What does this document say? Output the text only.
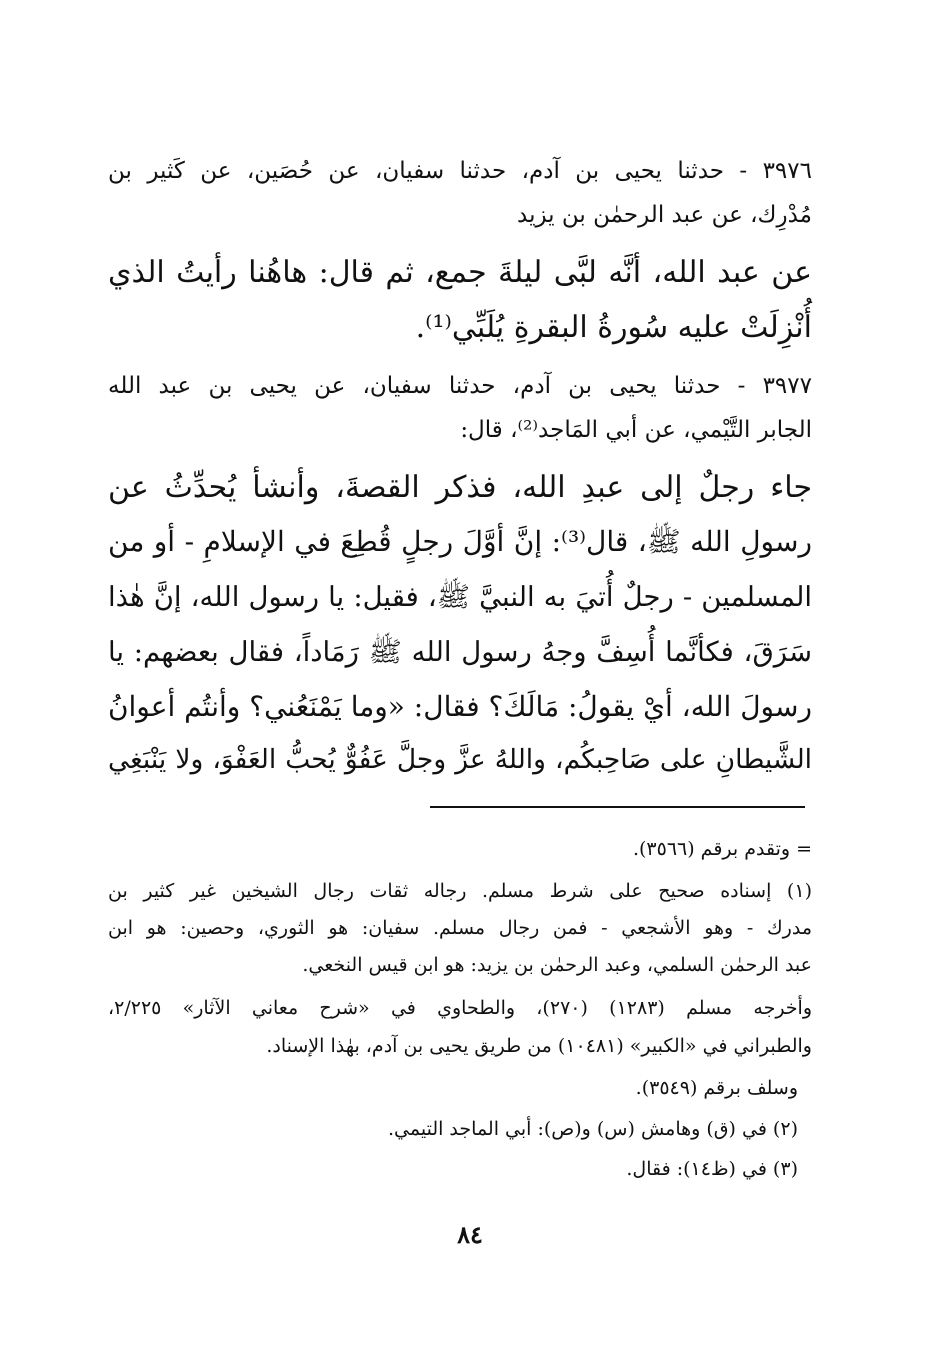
٣٩٧٦ - حدثنا يحيى بن آدم، حدثنا سفيان، عن حُصَين، عن كَثير بن
مُدْرِك، عن عبد الرحمٰن بن يزيد
عن عبد الله، أنَّه لبَّى ليلةَ جمع، ثم قال: هاهُنا رأيتُ الذي
أُنْزِلَتْ عليه سُورةُ البقرةِ يُلَبِّي⁽¹⁾.
٣٩٧٧ - حدثنا يحيى بن آدم، حدثنا سفيان، عن يحيى بن عبد الله
الجابر التَّيْمي، عن أبي المَاجد⁽²⁾، قال:
جاء رجلٌ إلى عبدِ الله، فذكر القصةَ، وأنشأ يُحدِّثُ عن
رسولِ الله ﷺ، قال⁽³⁾: إنَّ أوَّلَ رجلٍ قُطِعَ في الإسلامِ - أو من
المسلمين - رجلٌ أُتيَ به النبيَّ ﷺ، فقيل: يا رسول الله، إنَّ هٰذا
سَرَقَ، فكأنَّما أُسِفَّ وجهُ رسول الله ﷺ رَمَاداً، فقال بعضهم: يا
رسولَ الله، أيْ يقولُ: مَالَكَ؟ فقال: «وما يَمْنَعُني؟ وأنتُم أعوانُ
الشَّيطانِ على صَاحِبكُم، واللهُ عزَّ وجلَّ عَفُوٌّ يُحبُّ العَفْوَ، ولا يَنْبَغِي
= وتقدم برقم (٣٥٦٦).
(١) إسناده صحيح على شرط مسلم. رجاله ثقات رجال الشيخين غير كثير بن
مدرك - وهو الأشجعي - فمن رجال مسلم. سفيان: هو الثوري، وحصين: هو ابن
عبد الرحمٰن السلمي، وعبد الرحمٰن بن يزيد: هو ابن قيس النخعي.
وأخرجه مسلم (١٢٨٣) (٢٧٠)، والطحاوي في «شرح معاني الآثار» ٢/٢٢٥،
والطبراني في «الكبير» (١٠٤٨١) من طريق يحيى بن آدم، بهٰذا الإسناد.
وسلف برقم (٣٥٤٩).
(٢) في (ق) وهامش (س) و(ص): أبي الماجد التيمي.
(٣) في (ظ١٤): فقال.
٨٤
